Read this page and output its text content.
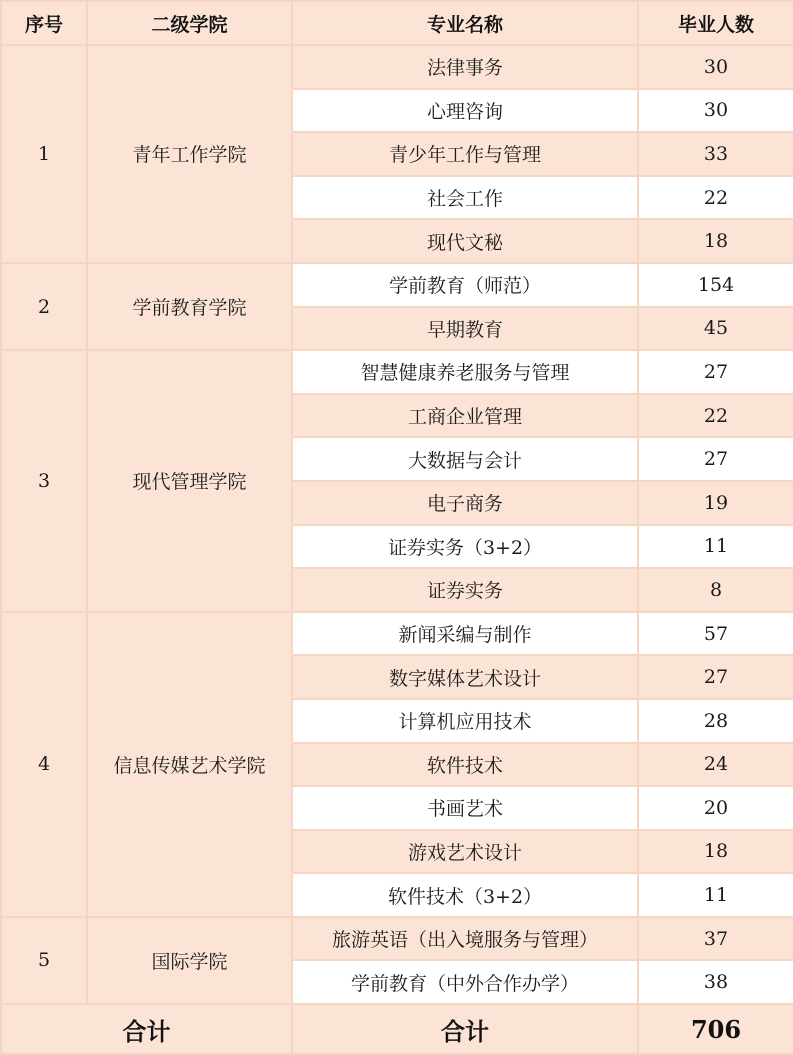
序号	二级学院	专业名称	毕业人数
1	青年工作学院	法律事务	30
		心理咨询	30
		青少年工作与管理	33
		社会工作	22
		现代文秘	18
2	学前教育学院	学前教育（师范）	154
		早期教育	45
3	现代管理学院	智慧健康养老服务与管理	27
		工商企业管理	22
		大数据与会计	27
		电子商务	19
		证券实务（3+2）	11
		证券实务	8
4	信息传媒艺术学院	新闻采编与制作	57
		数字媒体艺术设计	27
		计算机应用技术	28
		软件技术	24
		书画艺术	20
		游戏艺术设计	18
		软件技术（3+2）	11
5	国际学院	旅游英语（出入境服务与管理）	37
		学前教育（中外合作办学）	38
合计		合计	706
